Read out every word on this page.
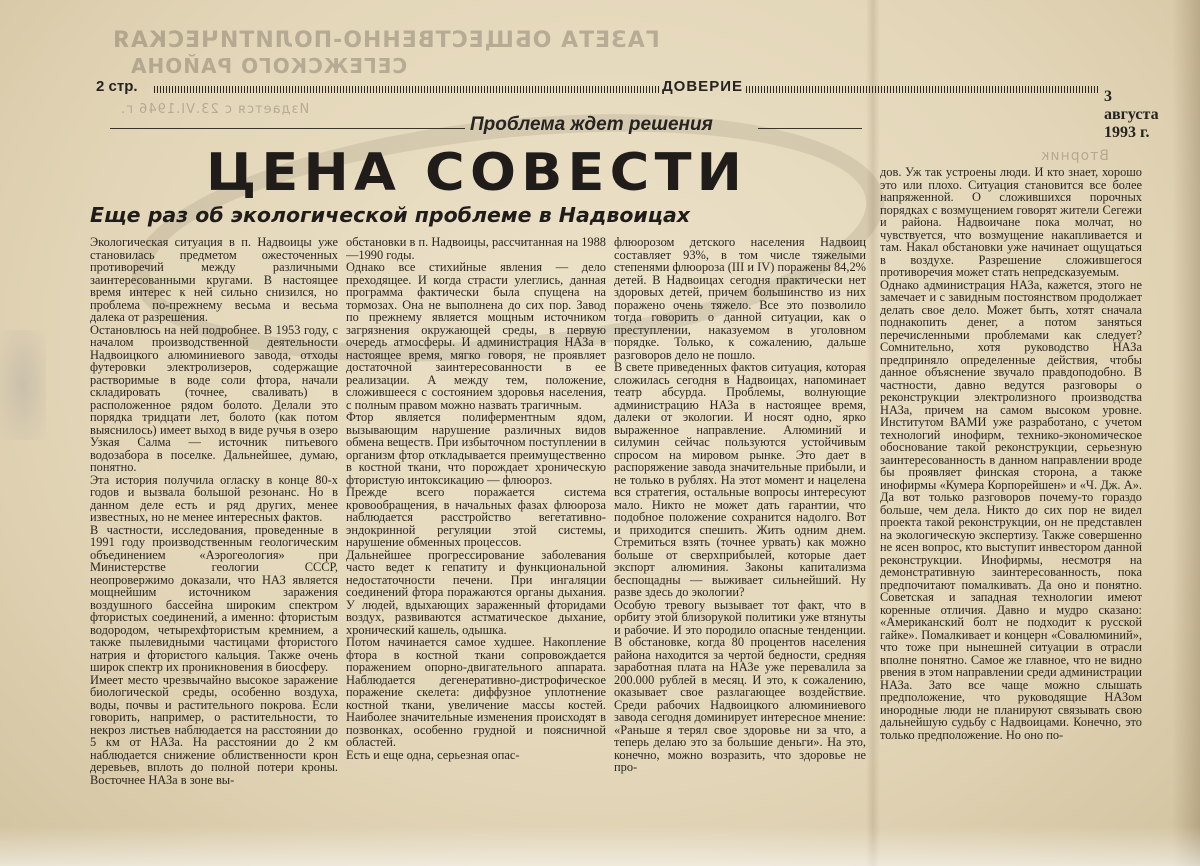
ГАЗЕТА ОБЩЕСТВЕННО-ПОЛИТИЧЕСКАЯ
СЕГЕЖСКОГО РАЙОНА
Издается с 23.VI.1946 г.
Вторник
2 стр.	ДОВЕРИЕ
3 августа 1993 г.
Проблема ждет решения
ЦЕНА СОВЕСТИ
Еще раз об экологической проблеме в Надвоицах
Экологическая ситуация в п. Надвоицы уже становилась предметом ожесточенных противоречий между различными заинтересованными кругами. В настоящее время интерес к ней сильно снизился, но проблема по-прежнему весьма и весьма далека от разрешения.
Остановлюсь на ней подробнее. В 1953 году, с началом производственной деятельности Надвоицкого алюминиевого завода, отходы футеровки электролизеров, содержащие растворимые в воде соли фтора, начали складировать (точнее, сваливать) в расположенное рядом болото. Делали это порядка тридцати лет, болото (как потом выяснилось) имеет выход в виде ручья в озеро Узкая Салма — источник питьевого водозабора в поселке. Дальнейшее, думаю, понятно.
Эта история получила огласку в конце 80-х годов и вызвала большой резонанс. Но в данном деле есть и ряд других, менее известных, но не менее интересных фактов.
В частности, исследования, проведенные в 1991 году производственным геологическим объединением «Аэрогеология» при Министерстве геологии СССР, неопровержимо доказали, что НАЗ является мощнейшим источником заражения воздушного бассейна широким спектром фтористых соединений, а именно: фтористым водородом, четырехфтористым кремнием, а также пылевидными частицами фтористого натрия и фтористого кальция. Также очень широк спектр их проникновения в биосферу.
Имеет место чрезвычайно высокое заражение биологической среды, особенно воздуха, воды, почвы и растительного покрова. Если говорить, например, о растительности, то некроз листьев наблюдается на расстоянии до 5 км от НАЗа. На расстоянии до 2 км наблюдается снижение облиственности крон деревьев, вплоть до полной потери кроны. Восточнее НАЗа в зоне вы-
обстановки в п. Надвоицы, рассчитанная на 1988—1990 годы.
Однако все стихийные явления — дело преходящее. И когда страсти улеглись, данная программа фактически была спущена на тормозах. Она не выполнена до сих пор. Завод по прежнему является мощным источником загрязнения окружающей среды, в первую очередь атмосферы. И администрация НАЗа в настоящее время, мягко говоря, не проявляет достаточной заинтересованности в ее реализации. А между тем, положение, сложившееся с состоянием здоровья населения, с полным правом можно назвать трагичным.
Фтор является полиферментным ядом, вызывающим нарушение различных видов обмена веществ. При избыточном поступлении в организм фтор откладывается преимущественно в костной ткани, что порождает хроническую фтористую интоксикацию — флюороз.
Прежде всего поражается система кровообращения, в начальных фазах флюороза наблюдается расстройство вегетативно-эндокринной регуляции этой системы, нарушение обменных процессов.
Дальнейшее прогрессирование заболевания часто ведет к гепатиту и функциональной недостаточности печени. При ингаляции соединений фтора поражаются органы дыхания. У людей, вдыхающих зараженный фторидами воздух, развиваются астматическое дыхание, хронический кашель, одышка.
Потом начинается самое худшее. Накопление фтора в костной ткани сопровождается поражением опорно-двигательного аппарата. Наблюдается дегенеративно-дистрофическое поражение скелета: диффузное уплотнение костной ткани, увеличение массы костей. Наиболее значительные изменения происходят в позвонках, особенно грудной и поясничной областей.
Есть и еще одна, серьезная опас-
флюорозом детского населения Надвоиц составляет 93%, в том числе тяжелыми степенями флюороза (III и IV) поражены 84,2% детей. В Надвоицах сегодня практически нет здоровых детей, причем большинство из них поражено очень тяжело. Все это позволило тогда говорить о данной ситуации, как о преступлении, наказуемом в уголовном порядке. Только, к сожалению, дальше разговоров дело не пошло.
В свете приведенных фактов ситуация, которая сложилась сегодня в Надвоицах, напоминает театр абсурда. Проблемы, волнующие администрацию НАЗа в настоящее время, далеки от экологии. И носят одно, ярко выраженное направление. Алюминий и силумин сейчас пользуются устойчивым спросом на мировом рынке. Это дает в распоряжение завода значительные прибыли, и не только в рублях. На этот момент и нацелена вся стратегия, остальные вопросы интересуют мало. Никто не может дать гарантии, что подобное положение сохранится надолго. Вот и приходится спешить. Жить одним днем. Стремиться взять (точнее урвать) как можно больше от сверхприбылей, которые дает экспорт алюминия. Законы капитализма беспощадны — выживает сильнейший. Ну разве здесь до экологии?
Особую тревогу вызывает тот факт, что в орбиту этой близорукой политики уже втянуты и рабочие. И это породило опасные тенденции. В обстановке, когда 80 процентов населения района находится за чертой бедности, средняя заработная плата на НАЗе уже перевалила за 200.000 рублей в месяц. И это, к сожалению, оказывает свое разлагающее воздействие. Среди рабочих Надвоицкого алюминиевого завода сегодня доминирует интересное мнение: «Раньше я терял свое здоровье ни за что, а теперь делаю это за большие деньги». На это, конечно, можно возразить, что здоровье не про-
дов. Уж так устроены люди. И кто знает, хорошо это или плохо. Ситуация становится все более напряженной. О сложившихся порочных порядках с возмущением говорят жители Сегежи и района. Надвоичане пока молчат, но чувствуется, что возмущение накапливается и там. Накал обстановки уже начинает ощущаться в воздухе. Разрешение сложившегося противоречия может стать непредсказуемым.
Однако администрация НАЗа, кажется, этого не замечает и с завидным постоянством продолжает делать свое дело. Может быть, хотят сначала поднакопить денег, а потом заняться перечисленными проблемами как следует? Сомнительно, хотя руководство НАЗа предприняло определенные действия, чтобы данное объяснение звучало правдоподобно. В частности, давно ведутся разговоры о реконструкции электролизного производства НАЗа, причем на самом высоком уровне. Институтом ВАМИ уже разработано, с учетом технологий инофирм, технико-экономическое обоснование такой реконструкции, серьезную заинтересованность в данном направлении вроде бы проявляет финская сторона, а также инофирмы «Кумера Корпорейшен» и «Ч. Дж. А». Да вот только разговоров почему-то гораздо больше, чем дела. Никто до сих пор не видел проекта такой реконструкции, он не представлен на экологическую экспертизу. Также совершенно не ясен вопрос, кто выступит инвестором данной реконструкции. Инофирмы, несмотря на демонстративную заинтересованность, пока предпочитают помалкивать. Да оно и понятно. Советская и западная технологии имеют коренные отличия. Давно и мудро сказано: «Американский болт не подходит к русской гайке». Помалкивает и концерн «Совалюминий», что тоже при нынешней ситуации в отрасли вполне понятно. Самое же главное, что не видно рвения в этом направлении среди администрации НАЗа. Зато все чаще можно слышать предположение, что руководящие НАЗом инородные люди не планируют связывать свою дальнейшую судьбу с Надвоицами. Конечно, это только предположение. Но оно по-
